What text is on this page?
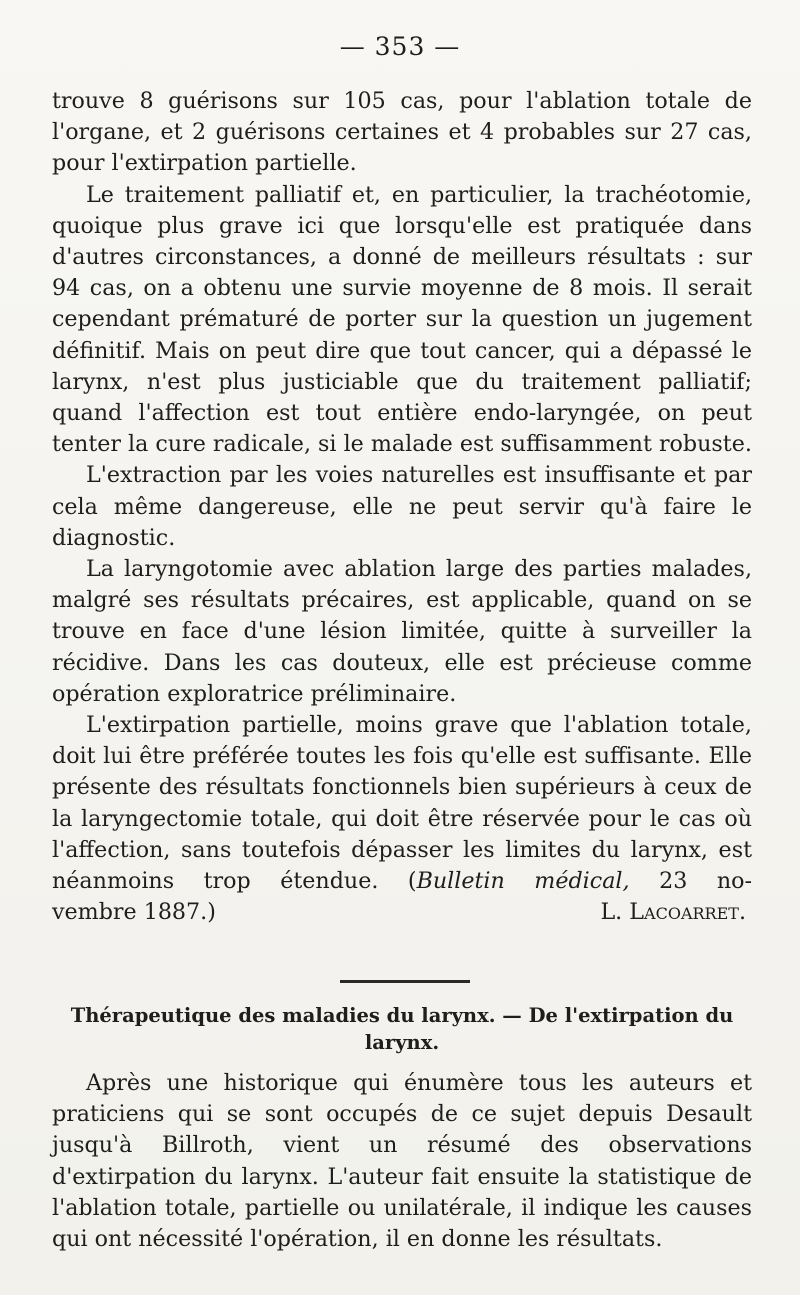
— 353 —

trouve 8 guérisons sur 105 cas, pour l'ablation totale de l'organe, et 2 guérisons certaines et 4 probables sur 27 cas, pour l'extirpation partielle.

Le traitement palliatif et, en particulier, la trachéotomie, quoique plus grave ici que lorsqu'elle est pratiquée dans d'autres circonstances, a donné de meilleurs résultats : sur 94 cas, on a obtenu une survie moyenne de 8 mois. Il serait cependant prématuré de porter sur la question un jugement définitif. Mais on peut dire que tout cancer, qui a dépassé le larynx, n'est plus justiciable que du traitement palliatif; quand l'affection est tout entière endo-laryngée, on peut tenter la cure radicale, si le malade est suffisamment robuste.

L'extraction par les voies naturelles est insuffisante et par cela même dangereuse, elle ne peut servir qu'à faire le diagnostic.

La laryngotomie avec ablation large des parties malades, malgré ses résultats précaires, est applicable, quand on se trouve en face d'une lésion limitée, quitte à surveiller la récidive. Dans les cas douteux, elle est précieuse comme opération exploratrice préliminaire.

L'extirpation partielle, moins grave que l'ablation totale, doit lui être préférée toutes les fois qu'elle est suffisante. Elle présente des résultats fonctionnels bien supérieurs à ceux de la laryngectomie totale, qui doit être réservée pour le cas où l'affection, sans toutefois dépasser les limites du larynx, est néanmoins trop étendue. (Bulletin médical, 23 no-

vembre 1887.)	L. Lacoarret.
Thérapeutique des maladies du larynx. — De l'extirpation du larynx.

Après une historique qui énumère tous les auteurs et praticiens qui se sont occupés de ce sujet depuis Desault jusqu'à Billroth, vient un résumé des observations d'extirpation du larynx. L'auteur fait ensuite la statistique de l'ablation totale, partielle ou unilatérale, il indique les causes qui ont nécessité l'opération, il en donne les résultats.
